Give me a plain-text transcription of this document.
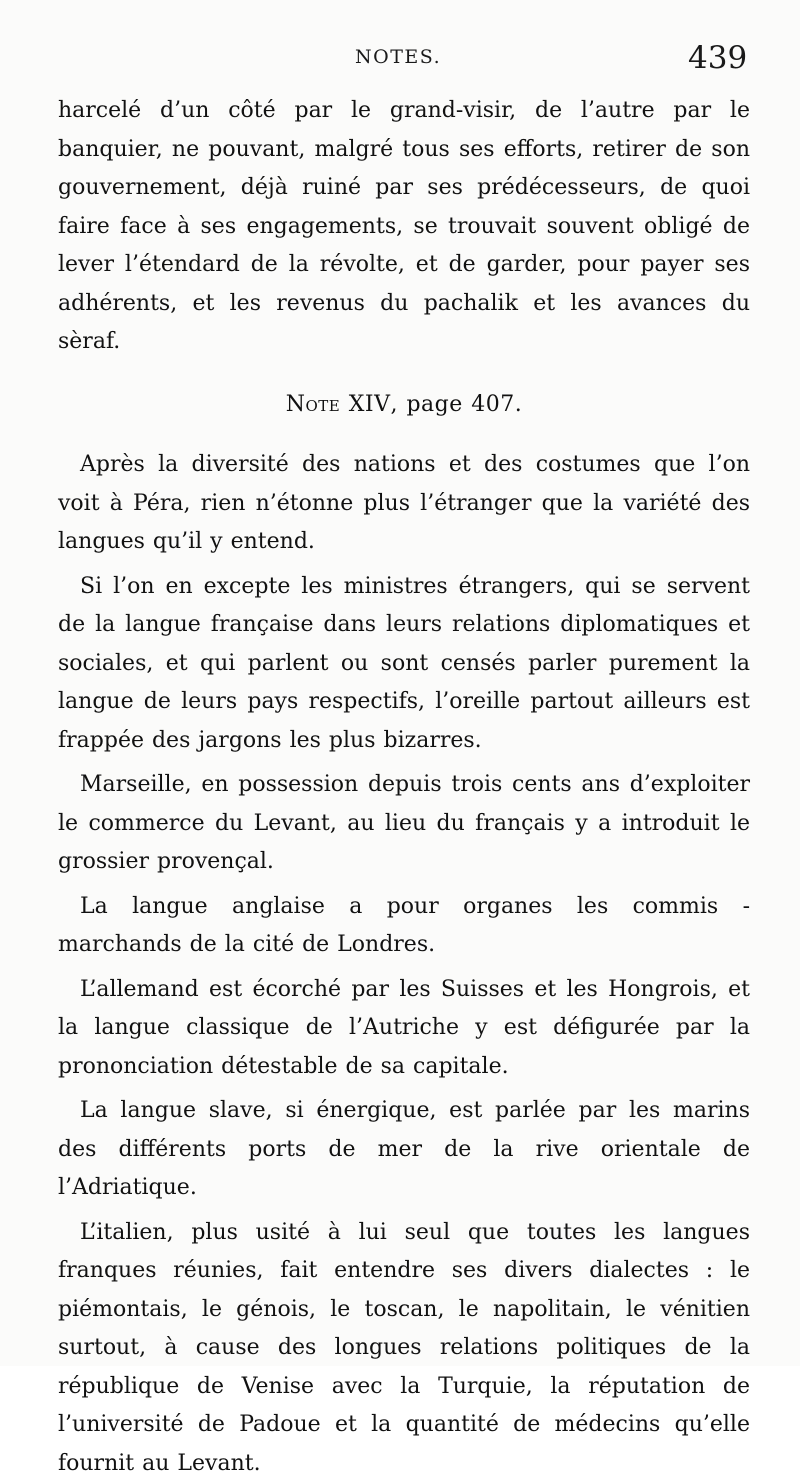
NOTES.	439

harcelé d’un côté par le grand-visir, de l’autre par le banquier, ne pouvant, malgré tous ses efforts, retirer de son gouvernement, déjà ruiné par ses prédécesseurs, de quoi faire face à ses engagements, se trouvait souvent obligé de lever l’étendard de la révolte, et de garder, pour payer ses adhérents, et les revenus du pachalik et les avances du sèraf.

Note XIV, page 407.

Après la diversité des nations et des costumes que l’on voit à Péra, rien n’étonne plus l’étranger que la variété des langues qu’il y entend.

Si l’on en excepte les ministres étrangers, qui se servent de la langue française dans leurs relations diplomatiques et sociales, et qui parlent ou sont censés parler purement la langue de leurs pays respectifs, l’oreille partout ailleurs est frappée des jargons les plus bizarres.

Marseille, en possession depuis trois cents ans d’exploiter le commerce du Levant, au lieu du français y a introduit le grossier provençal.

La langue anglaise a pour organes les commis - marchands de la cité de Londres.

L’allemand est écorché par les Suisses et les Hongrois, et la langue classique de l’Autriche y est défigurée par la prononciation détestable de sa capitale.

La langue slave, si énergique, est parlée par les marins des différents ports de mer de la rive orientale de l’Adriatique.

L’italien, plus usité à lui seul que toutes les langues franques réunies, fait entendre ses divers dialectes : le piémontais, le génois, le toscan, le napolitain, le vénitien surtout, à cause des longues relations politiques de la république de Venise avec la Turquie, la réputation de l’université de Padoue et la quantité de médecins qu’elle fournit au Levant.
